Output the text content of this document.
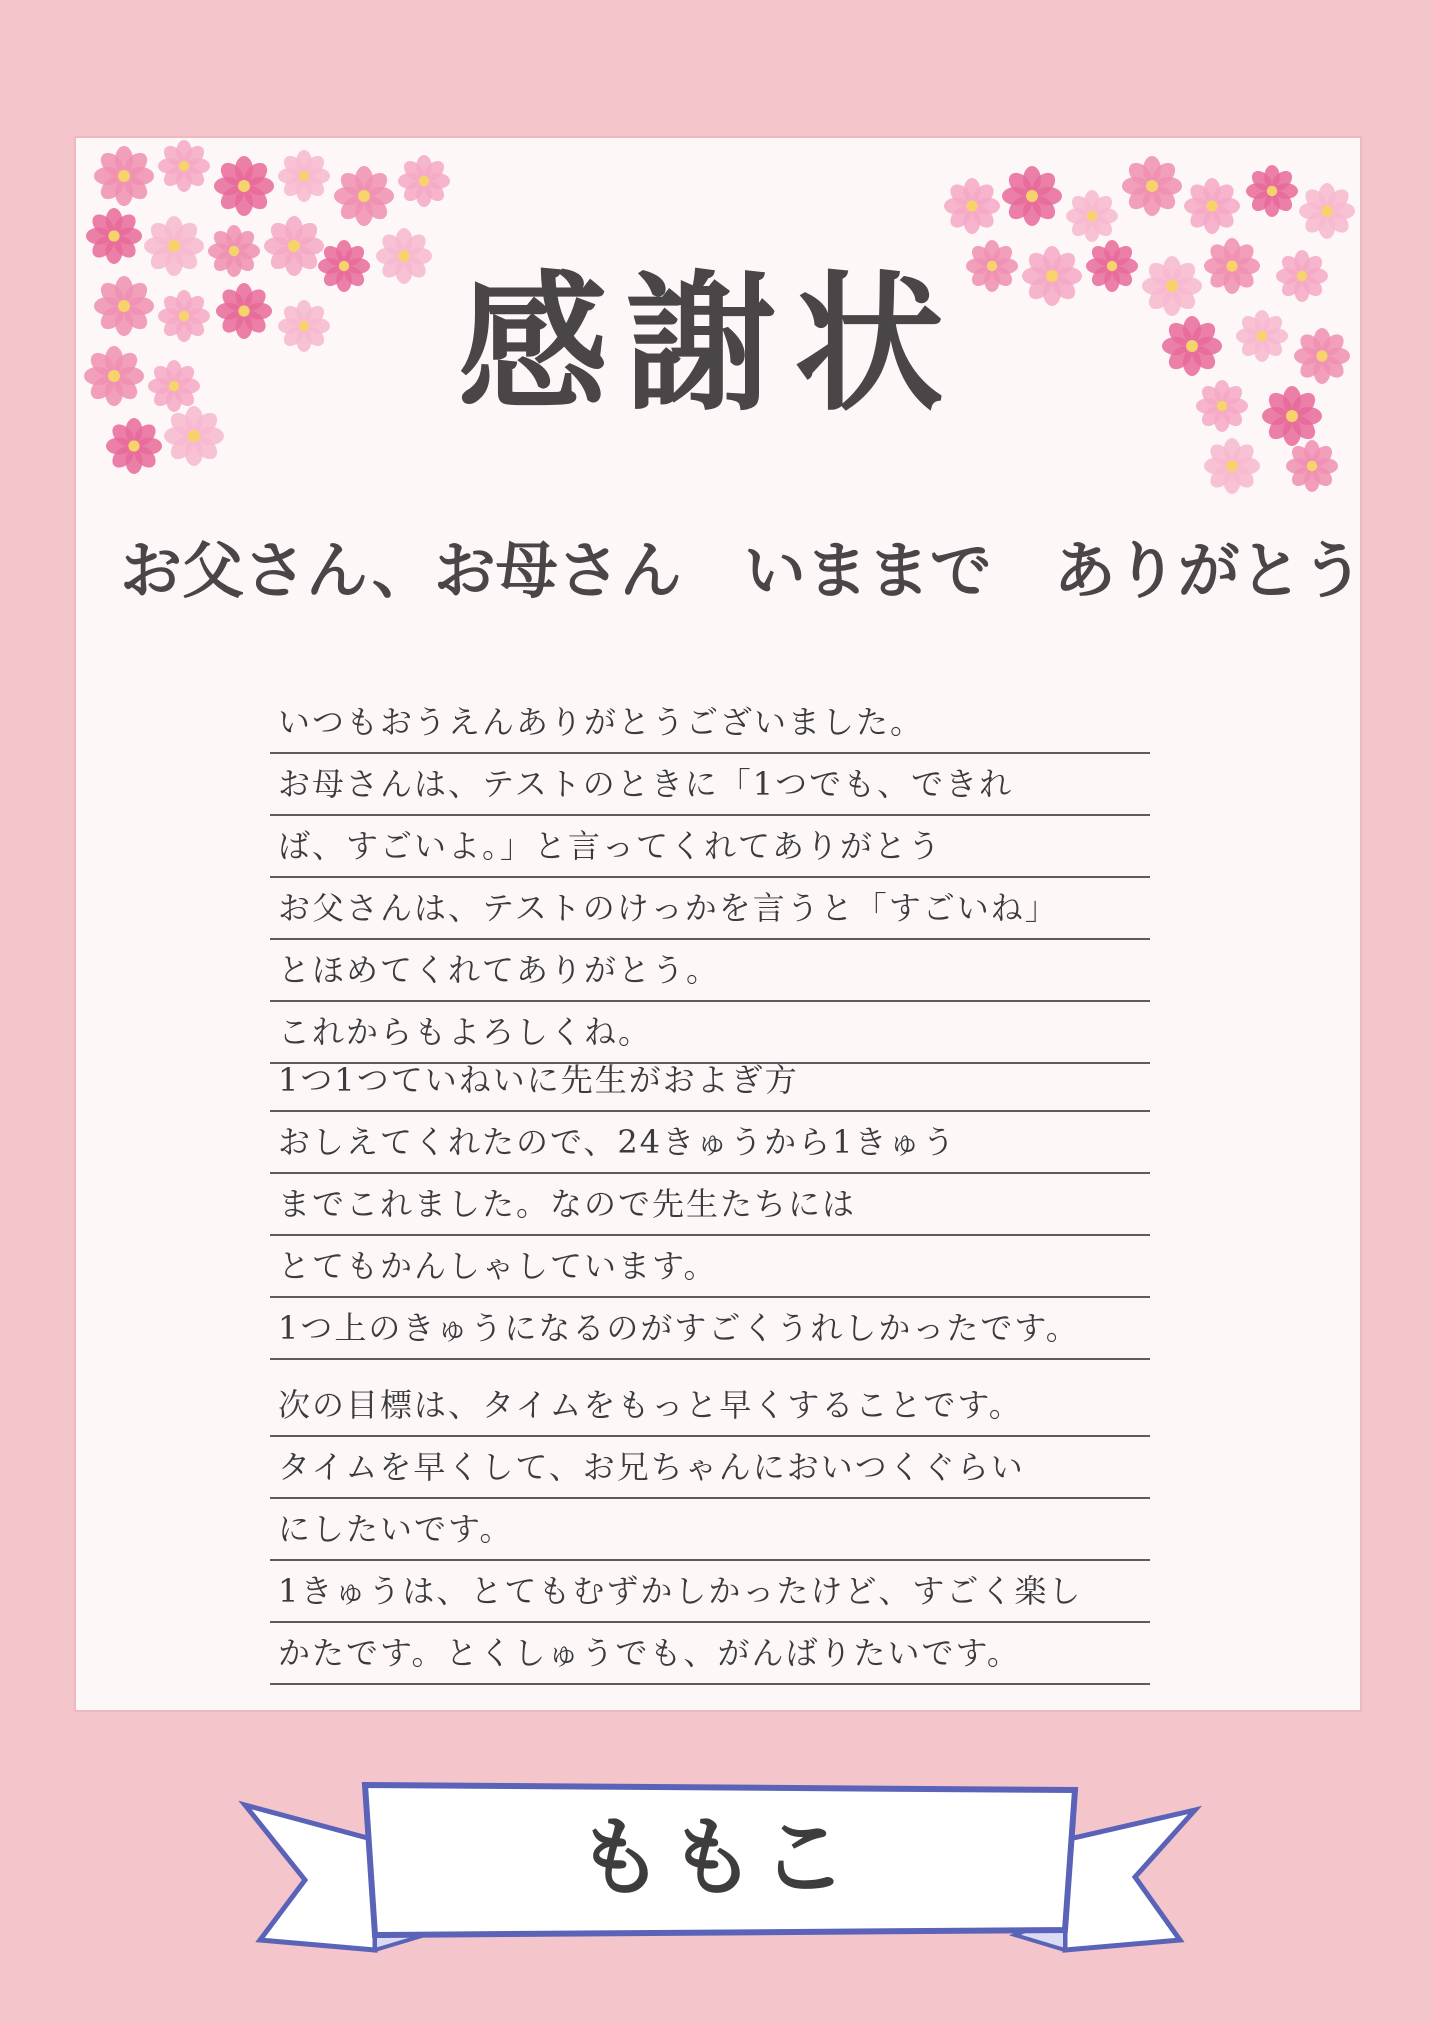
感謝状
お父さん、お母さん　いままで　ありがとう
いつもおうえんありがとうございました。
お母さんは、テストのときに「1つでも、できれ
ば、すごいよ。」と言ってくれてありがとう
お父さんは、テストのけっかを言うと「すごいね」
とほめてくれてありがとう。
これからもよろしくね。
1つ1つていねいに先生がおよぎ方
おしえてくれたので、24きゅうから1きゅう
までこれました。なので先生たちには
とてもかんしゃしています。
1つ上のきゅうになるのがすごくうれしかったです。
次の目標は、タイムをもっと早くすることです。
タイムを早くして、お兄ちゃんにおいつくぐらい
にしたいです。
1きゅうは、とてもむずかしかったけど、すごく楽し
かたです。とくしゅうでも、がんばりたいです。
ももこ
